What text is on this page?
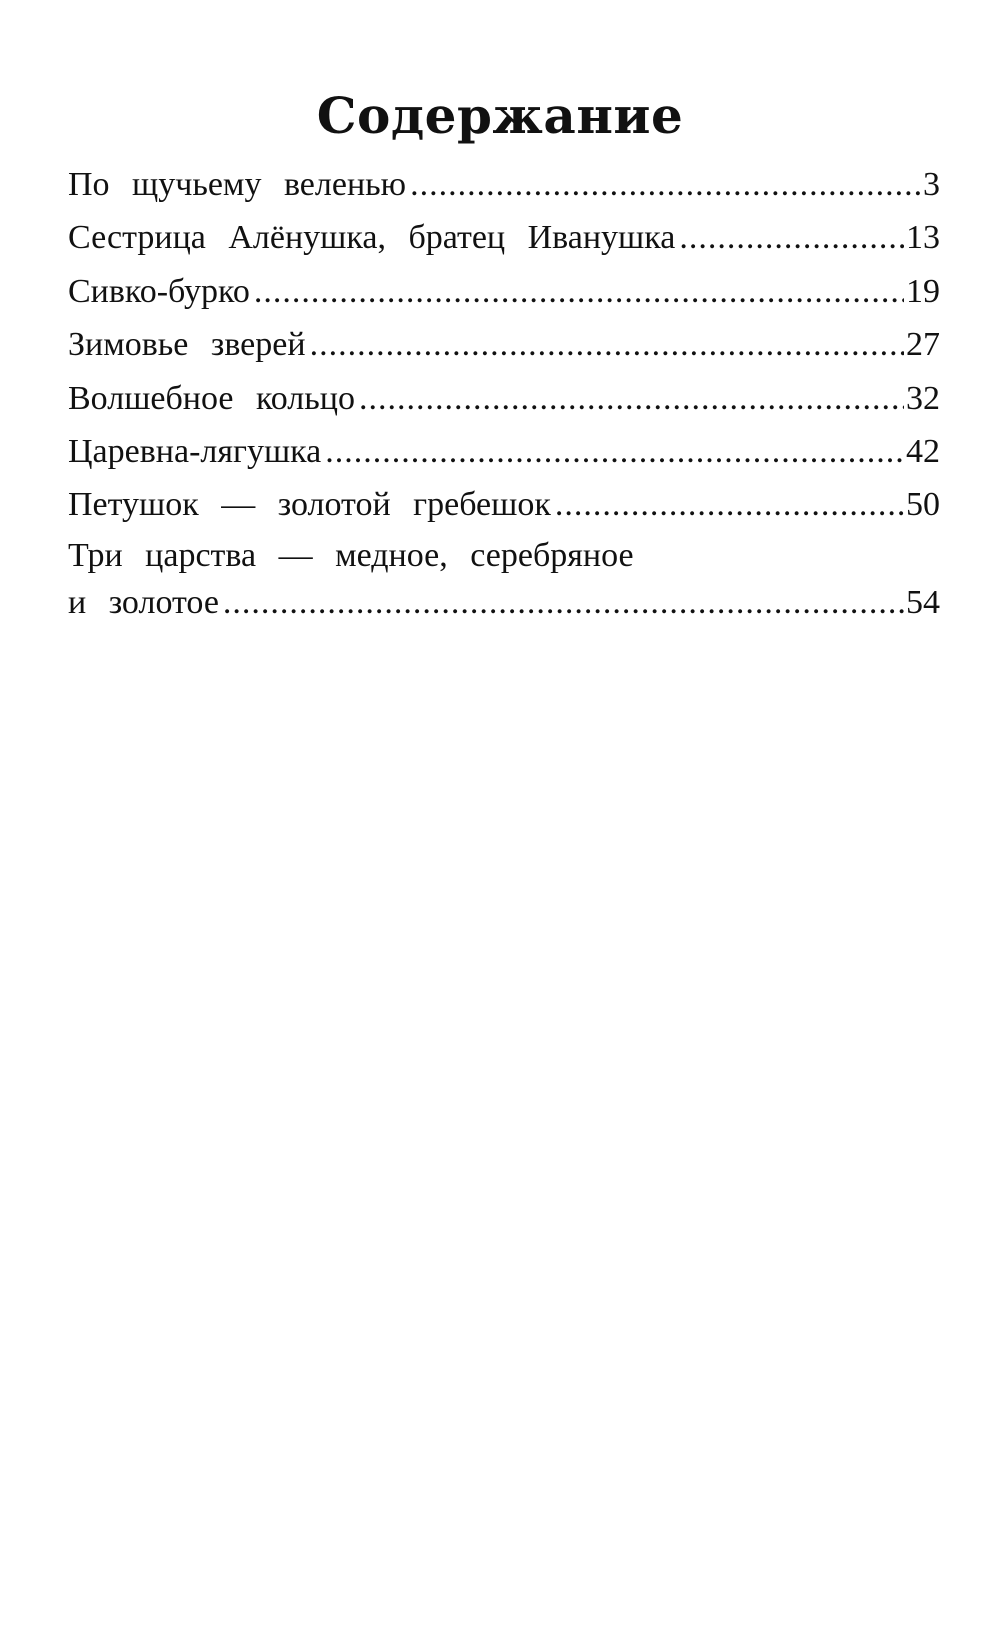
Содержание
По щучьему веленью .....	3
Сестрица Алёнушка, братец Иванушка .....	13
Сивко-бурко .....	19
Зимовье зверей .....	27
Волшебное кольцо .....	32
Царевна-лягушка .....	42
Петушок — золотой гребешок .....	50
Три царства — медное, серебряное
и золотое .....	54
